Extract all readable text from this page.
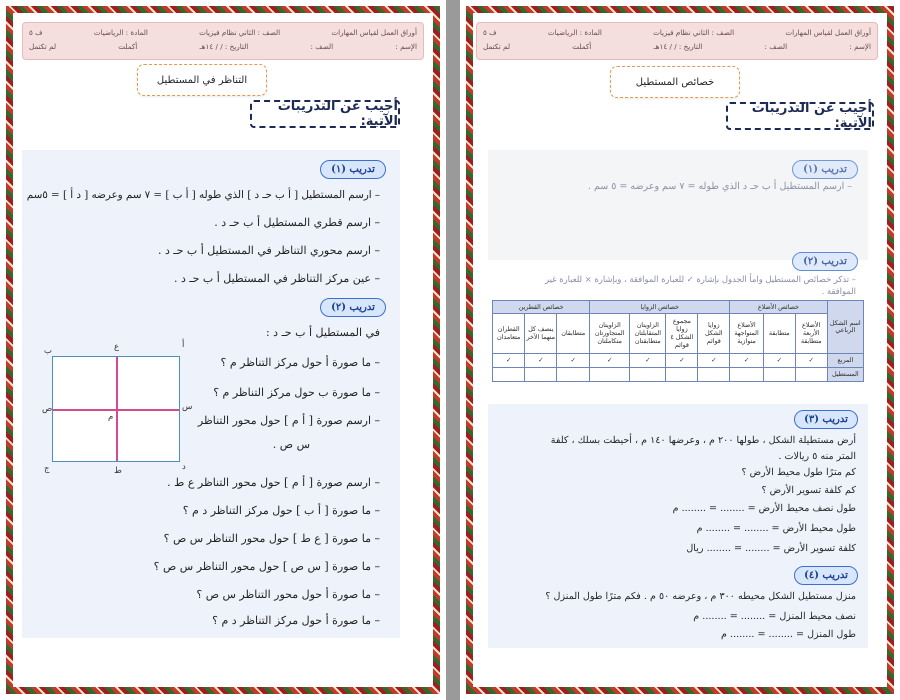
أوراق العمل لقياس المهارات
الصف : الثاني نظام فيزيات
المادة : الرياضيات
ف ٥
الإسم :
الصف :
التاريخ : / / ١٤هـ
أكملت
لم تكتمل
التناظر في المستطيل
أجيب عن التدريبات الآتية:
تدريب (١)
– ارسم المستطيل [ أ ب حـ د ] الذي طوله [ أ ب ] = ٧ سم وعرضه [ د أ ] = ٥سم
– ارسم قطري المستطيل أ ب حـ د .
– ارسم محوري التناظر في المستطيل أ ب حـ د .
– عين مركز التناظر في المستطيل أ ب حـ د .
تدريب (٢)
في المستطيل أ ب حـ د :
– ما صورة أ حول مركز التناظر م ؟
– ما صورة ب حول مركز التناظر م ؟
– ارسم صورة [ أ م ] حول محور التناظر
س ص .
– ارسم صورة [ أ م ] حول محور التناظر ع ط .
– ما صورة [ أ ب ] حول مركز التناظر د م ؟
– ما صورة [ ع ط ] حول محور التناظر س ص ؟
– ما صورة [ س ص ] حول محور التناظر س ص ؟
– ما صورة أ حول محور التناظر س ص ؟
– ما صورة أ حول مركز التناظر د م ؟
أ
ع
ب
س
م
ص
د
ط
ج
أوراق العمل لقياس المهارات
الصف : الثاني نظام فيزيات
المادة : الرياضيات
ف ٥
الإسم :
الصف :
التاريخ : / / ١٤هـ
أكملت
لم تكتمل
خصائص المستطيل
أجيب عن التدريبات الآتية:
تدريب (١)
– ارسم المستطيل أ ب حـ د الذي طوله = ٧ سم وعرضه = ٥ سم .
تدريب (٢)
– تذكر خصائص المستطيل وامأ الجدول بإشارة ✓ للعبارة الموافقة ، وبإشارة × للعبارة غير
الموافقة .
اسم الشكل الرباعي	خصائص الأضلاع			خصائص الزوايا				خصائص القطرين		
	الأضلاع الأربعة متطابقة	متطابقة	الأضلاع المتواجهة متوازية	زوايا الشكل قوائم	مجموع زوايا الشكل ٤ قوائم	الزاويتان المتقابلتان متطابقتان	الزاويتان المتجاورتان متكاملتان	متطابقان	ينصف كل منهما الآخر	القطران متعامدان
المربع	✓	✓	✓	✓	✓	✓	✓	✓	✓	✓
المستطيل										
تدريب (٣)
أرض مستطيلة الشكل ، طولها ٢٠٠ م ، وعرضها ١٤٠ م ، أحيطت بسلك ، كلفة
المتر منه ٥ ريالات .
كم مترًا طول محيط الأرض ؟
كم كلفة تسوير الأرض ؟
طول نصف محيط الأرض = ........ = ........ م
طول محيط الأرض = ........ = ........ م
كلفة تسوير الأرض = ........ = ........ ريال
تدريب (٤)
منزل مستطيل الشكل محيطه ٣٠٠ م ، وعرضه ٥٠ م . فكم مترًا طول المنزل ؟
نصف محيط المنزل = ........ = ........ م
طول المنزل = ........ = ........ م
